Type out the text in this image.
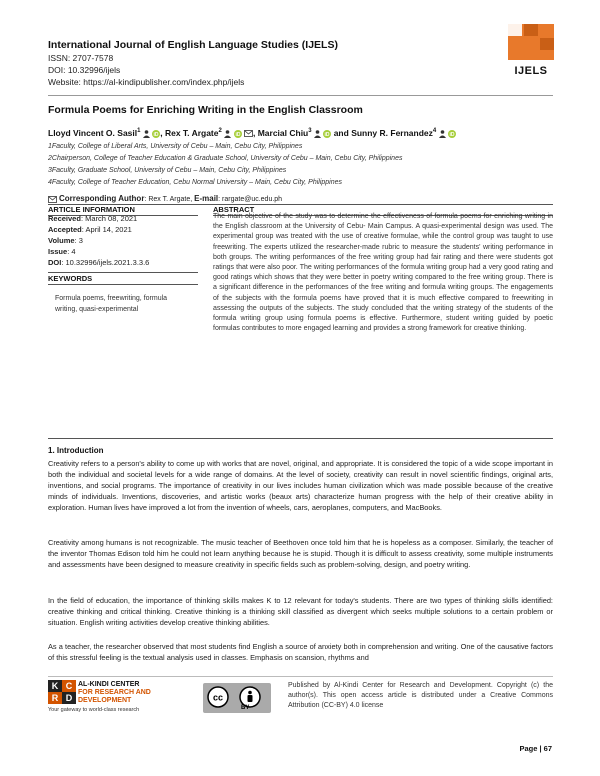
International Journal of English Language Studies (IJELS)
ISSN: 2707-7578
DOI: 10.32996/ijels
Website: https://al-kindipublisher.com/index.php/ijels
IJELS
Formula Poems for Enriching Writing in the English Classroom
Lloyd Vincent O. Sasil$^1$
iD , Rex T. Argate$^2$
iD , Marcial Chiu$^3$
iD and Sunny R. Fernandez$^4$
iD
1Faculty, College of Liberal Arts, University of Cebu – Main, Cebu City, Philippines
2Chairperson, College of Teacher Education & Graduate School, University of Cebu – Main, Cebu City, Philippines
3Faculty, Graduate School, University of Cebu – Main, Cebu City, Philippines
4Faculty, College of Teacher Education, Cebu Normal University – Main, Cebu City, Philippines
Corresponding Author: Rex T. Argate, E-mail: rargate@uc.edu.ph
ARTICLE INFORMATION	ABSTRACT
Received: March 08, 2021
Accepted: April 14, 2021
Volume: 3
Issue: 4
DOI: 10.32996/ijels.2021.3.3.6
KEYWORDS
Formula poems, freewriting, formula writing, quasi-experimental
The main objective of the study was to determine the effectiveness of formula poems for enriching writing in the English classroom at the University of Cebu- Main Campus. A quasi-experimental design was used. The experimental group was treated with the use of creative formulae, while the control group was taught to use freewriting. The experts utilized the researcher-made rubric to measure the students' writing performance in both groups. The writing performances of the free writing group had fair rating and there were students got ratings that were also poor. The writing performances of the formula writing group had a very good rating and good ratings which shows that they were better in poetry writing compared to the free writing group. There is a significant difference in the performances of the free writing and formula writing groups. The engagements of the subjects with the formula poems have proved that it is much effective compared to freewriting in assessing the outputs of the subjects. The study concluded that the writing strategy of the students of the formula writing group using formula poems is effective. Furthermore, student writing guided by poetic formulas contributes to more engaged learning and provides a strong framework for creative thinking.
1. Introduction
Creativity refers to a person's ability to come up with works that are novel, original, and appropriate. It is considered the topic of a wide scope important in both the individual and societal levels for a wide range of domains. At the level of society, creativity can result in novel scientific findings, original arts, inventions, and social programs. The importance of creativity in our lives includes human civilization which was made possible because of the creative minds of individuals. Inventions, discoveries, and artistic works (beaux arts) characterize human progress with the help of their creative ability in exploration. Human lives have improved a lot from the invention of wheels, cars, aeroplanes, computers, and MacBooks.
Creativity among humans is not recognizable. The music teacher of Beethoven once told him that he is hopeless as a composer. Similarly, the teacher of the inventor Thomas Edison told him he could not learn anything because he is stupid. Though it is difficult to assess creativity, some multiple instruments and assessments have been designed to measure creativity in specific fields such as problem-solving, design, and poetry writing.
In the field of education, the importance of thinking skills makes K to 12 relevant for today's students. There are two types of thinking skills identified: creative thinking and critical thinking. Creative thinking is a thinking skill classified as divergent which seeks multiple solutions to a certain problem or situation. English writing activities develop creative thinking abilities.
As a teacher, the researcher observed that most students find English a source of anxiety both in comprehension and writing. One of the causative factors of this stressful feeling is the textual analysis used in classes. Emphasis on scansion, rhythms and
K C
R D
AL-KINDI CENTER
FOR RESEARCH AND
DEVELOPMENT
Your gateway to world-class research
cc
BY
Published by Al-Kindi Center for Research and Development. Copyright (c) the author(s). This open access article is distributed under a Creative Commons Attribution (CC-BY) 4.0 license
Page | 67
